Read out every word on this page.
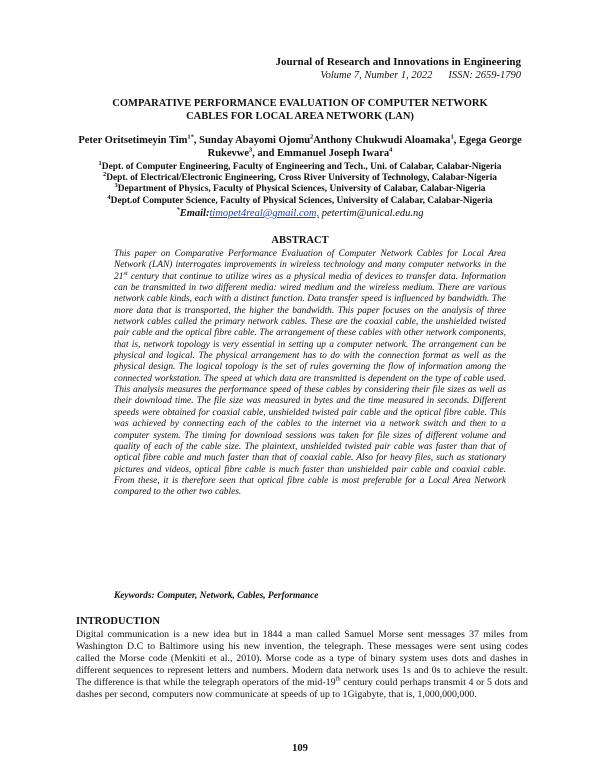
Journal of Research and Innovations in Engineering
Volume 7, Number 1, 2022 ISSN: 2659-1790
COMPARATIVE PERFORMANCE EVALUATION OF COMPUTER NETWORK
CABLES FOR LOCAL AREA NETWORK (LAN)
Peter Oritsetimeyin Tim$^{1*}$, Sunday Abayomi Ojomu$^2$Anthony Chukwudi Aloamaka$^1$, Egega George Rukevwe$^3$, and Emmanuel Joseph Iwara$^4$
$^1$Dept. of Computer Engineering, Faculty of Engineering and Tech., Uni. of Calabar, Calabar-Nigeria
$^2$Dept. of Electrical/Electronic Engineering, Cross River University of Technology, Calabar-Nigeria
$^3$Department of Physics, Faculty of Physical Sciences, University of Calabar, Calabar-Nigeria
$^4$Dept.of Computer Science, Faculty of Physical Sciences, University of Calabar, Calabar-Nigeria
*Email:timopet4real@gmail.com, petertim@unical.edu.ng
ABSTRACT
This paper on Comparative Performance Evaluation of Computer Network Cables for Local Area Network (LAN) interrogates improvements in wireless technology and many computer networks in the 21st century that continue to utilize wires as a physical media of devices to transfer data. Information can be transmitted in two different media: wired medium and the wireless medium. There are various network cable kinds, each with a distinct function. Data transfer speed is influenced by bandwidth. The more data that is transported, the higher the bandwidth. This paper focuses on the analysis of three network cables called the primary network cables. These are the coaxial cable, the unshielded twisted pair cable and the optical fibre cable. The arrangement of these cables with other network components, that is, network topology is very essential in setting up a computer network. The arrangement can be physical and logical. The physical arrangement has to do with the connection format as well as the physical design. The logical topology is the set of rules governing the flow of information among the connected workstation. The speed at which data are transmitted is dependent on the type of cable used. This analysis measures the performance speed of these cables by considering their file sizes as well as their download time. The file size was measured in bytes and the time measured in seconds. Different speeds were obtained for coaxial cable, unshielded twisted pair cable and the optical fibre cable. This was achieved by connecting each of the cables to the internet via a network switch and then to a computer system. The timing for download sessions was taken for file sizes of different volume and quality of each of the cable size. The plaintext, unshielded twisted pair cable was faster than that of optical fibre cable and much faster than that of coaxial cable. Also for heavy files, such as stationary pictures and videos, optical fibre cable is much faster than unshielded pair cable and coaxial cable. From these, it is therefore seen that optical fibre cable is most preferable for a Local Area Network compared to the other two cables.
Keywords: Computer, Network, Cables, Performance
INTRODUCTION
Digital communication is a new idea but in 1844 a man called Samuel Morse sent messages 37 miles from Washington D.C to Baltimore using his new invention, the telegraph. These messages were sent using codes called the Morse code (Menkiti et al., 2010). Morse code as a type of binary system uses dots and dashes in different sequences to represent letters and numbers. Modern data network uses 1s and 0s to achieve the result. The difference is that while the telegraph operators of the mid-19th century could perhaps transmit 4 or 5 dots and dashes per second, computers now communicate at speeds of up to 1Gigabyte, that is, 1,000,000,000.
109
